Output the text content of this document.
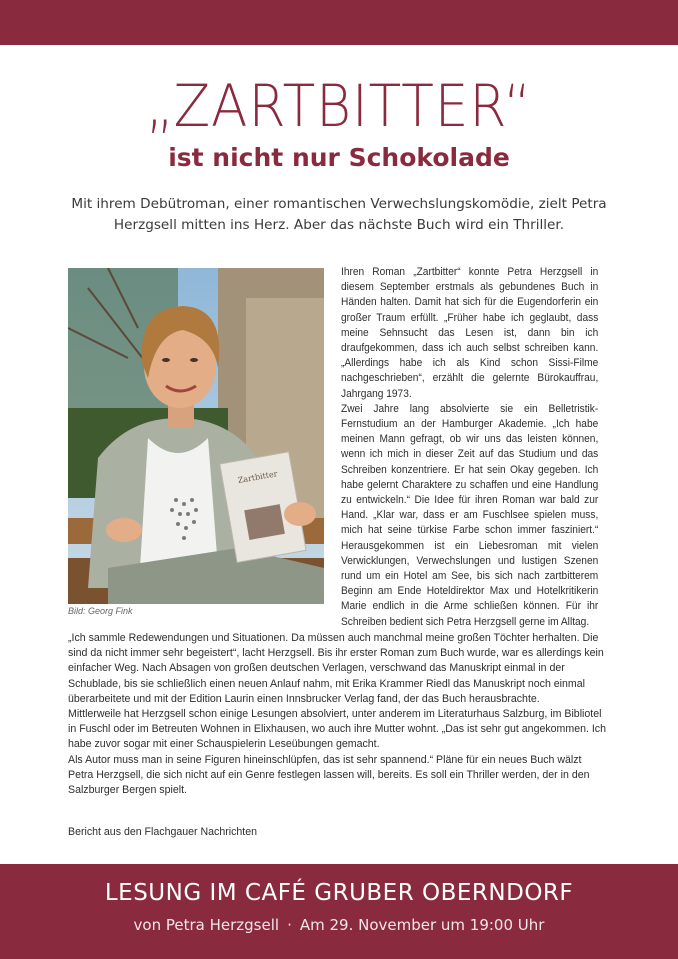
„ZARTBITTER“
ist nicht nur Schokolade
Mit ihrem Debütroman, einer romantischen Verwechslungskomödie, zielt Petra
Herzgsell mitten ins Herz. Aber das nächste Buch wird ein Thriller.
Zartbitter
Bild: Georg Fink

Ihren Roman „Zartbitter“ konnte Petra Herzgsell in diesem September erstmals als gebundenes Buch in Händen halten. Damit hat sich für die Eugendorferin ein großer Traum erfüllt. „Früher habe ich geglaubt, dass meine Sehnsucht das Lesen ist, dann bin ich draufgekommen, dass ich auch selbst schreiben kann. „Allerdings habe ich als Kind schon Sissi-Filme nachgeschrieben“, erzählt die gelernte Bürokauffrau, Jahrgang 1973.

Zwei Jahre lang absolvierte sie ein Belletristik-Fernstudium an der Hamburger Akademie. „Ich habe meinen Mann gefragt, ob wir uns das leisten können, wenn ich mich in dieser Zeit auf das Studium und das Schreiben konzentriere. Er hat sein Okay gegeben. Ich habe gelernt Charaktere zu schaffen und eine Handlung zu entwickeln.“ Die Idee für ihren Roman war bald zur Hand. „Klar war, dass er am Fuschlsee spielen muss, mich hat seine türkise Farbe schon immer fasziniert.“ Herausgekommen ist ein Liebesroman mit vielen Verwicklungen, Verwechslungen und lustigen Szenen rund um ein Hotel am See, bis sich nach zartbitterem Beginn am Ende Hoteldirektor Max und Hotelkritikerin Marie endlich in die Arme schließen können. Für ihr Schreiben bedient sich Petra Herzgsell gerne im Alltag.

„Ich sammle Redewendungen und Situationen. Da müssen auch manchmal meine großen Töchter herhalten. Die sind da nicht immer sehr begeistert“, lacht Herzgsell. Bis ihr erster Roman zum Buch wurde, war es allerdings kein einfacher Weg. Nach Absagen von großen deutschen Verlagen, verschwand das Manuskript einmal in der Schublade, bis sie schließlich einen neuen Anlauf nahm, mit Erika Krammer Riedl das Manuskript noch einmal überarbeitete und mit der Edition Laurin einen Innsbrucker Verlag fand, der das Buch herausbrachte.

Mittlerweile hat Herzgsell schon einige Lesungen absolviert, unter anderem im Literaturhaus Salzburg, im Bibliotel in Fuschl oder im Betreuten Wohnen in Elixhausen, wo auch ihre Mutter wohnt. „Das ist sehr gut angekommen. Ich habe zuvor sogar mit einer Schauspielerin Leseübungen gemacht.

Als Autor muss man in seine Figuren hineinschlüpfen, das ist sehr spannend.“ Pläne für ein neues Buch wälzt

Petra Herzgsell, die sich nicht auf ein Genre festlegen lassen will, bereits. Es soll ein Thriller werden, der in den Salzburger Bergen spielt.

Bericht aus den Flachgauer Nachrichten
LESUNG IM CAFÉ GRUBER OBERNDORF
von Petra Herzgsell · Am 29. November um 19:00 Uhr
